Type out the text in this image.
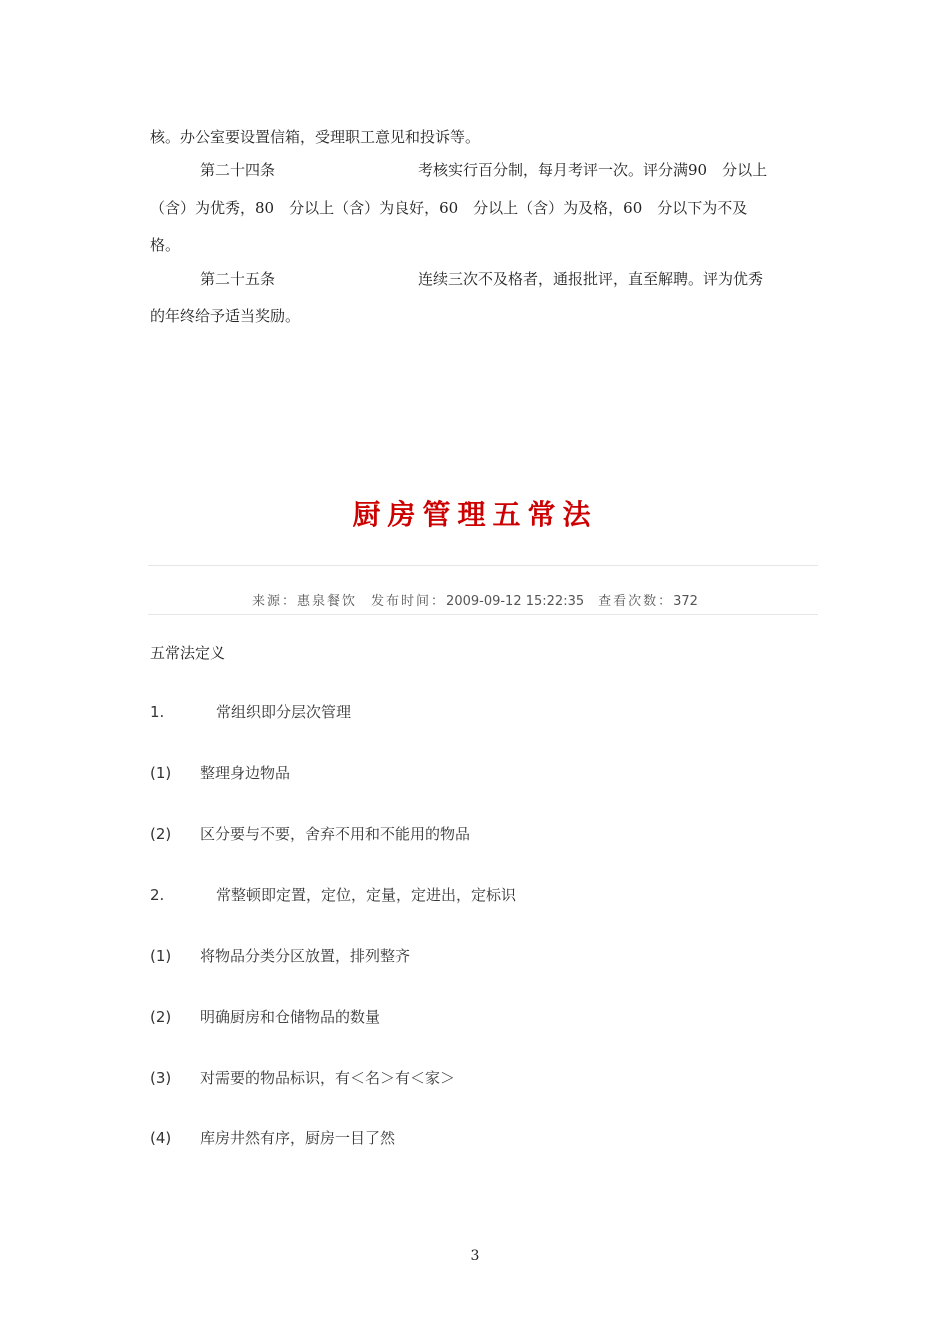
核。办公室要设置信箱，受理职工意见和投诉等。
第二十四条	考核实行百分制，每月考评一次。评分满90　分以上
（含）为优秀，80　分以上（含）为良好，60　分以上（含）为及格，60　分以下为不及
格。
第二十五条	连续三次不及格者，通报批评，直至解聘。评为优秀
的年终给予适当奖励。
厨房管理五常法
来源：惠泉餐饮 发布时间：2009-09-12 15:22:35 查看次数：372
五常法定义
1.	常组织即分层次管理
(1) 整理身边物品
(2) 区分要与不要，舍弃不用和不能用的物品
2.	常整顿即定置，定位，定量，定进出，定标识
(1) 将物品分类分区放置，排列整齐
(2) 明确厨房和仓储物品的数量
(3) 对需要的物品标识，有＜名＞有＜家＞
(4) 库房井然有序，厨房一目了然
3
